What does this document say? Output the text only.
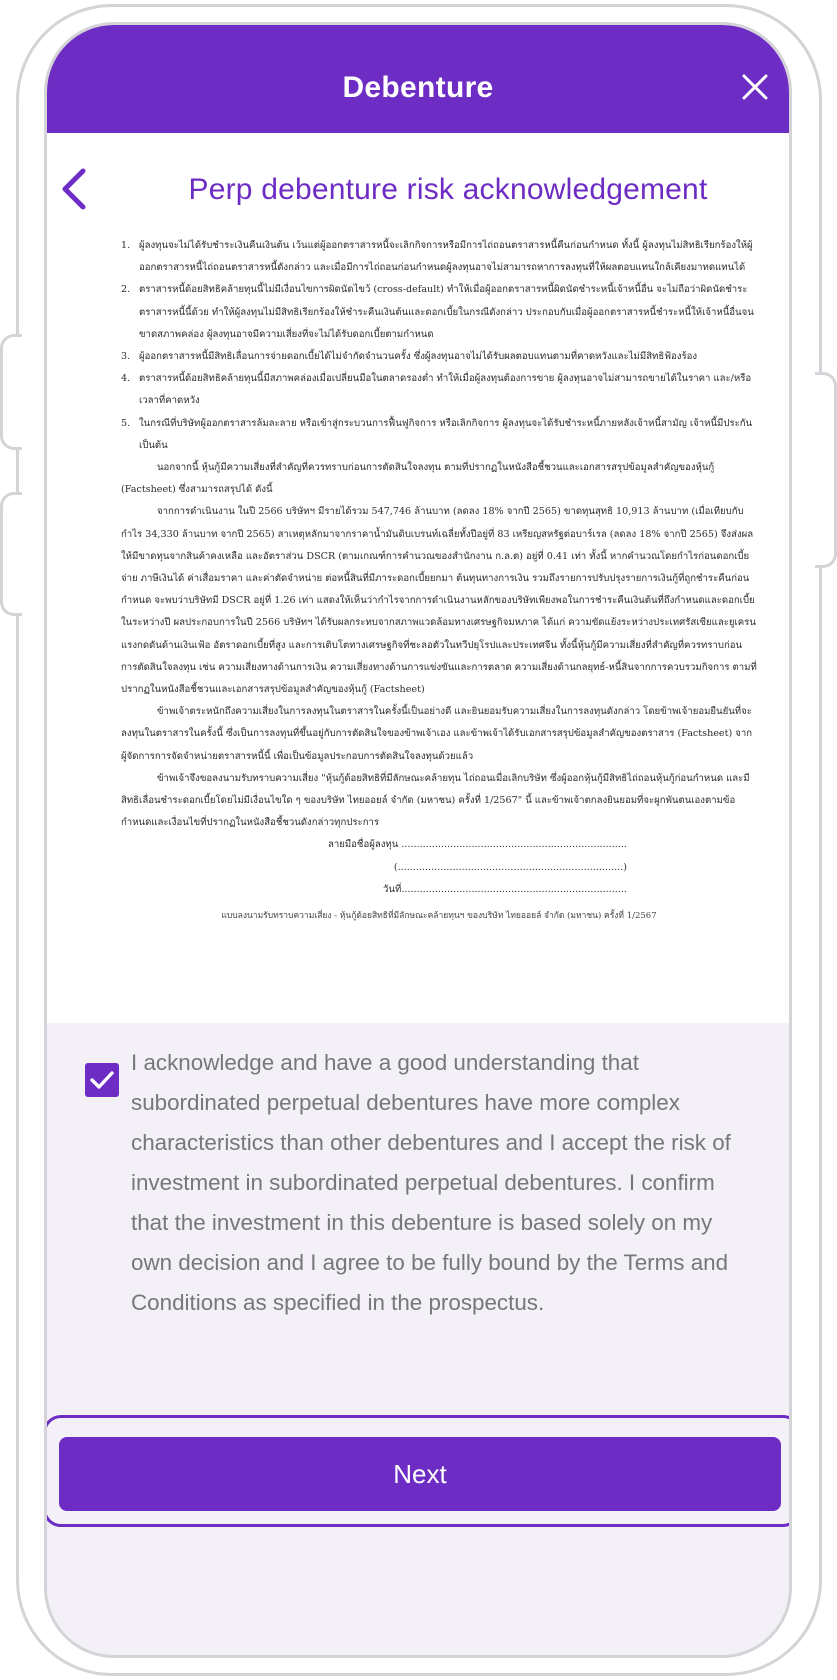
Debenture
Perp debenture risk acknowledgement
1. ผู้ลงทุนจะไม่ได้รับชำระเงินคืนเงินต้น เว้นแต่ผู้ออกตราสารหนี้จะเลิกกิจการหรือมีการไถ่ถอนตราสารหนี้คืนก่อนกำหนด ทั้งนี้ ผู้ลงทุนไม่สิทธิเรียกร้องให้ผู้ออกตราสารหนี้ไถ่ถอนตราสารหนี้ดังกล่าว และเมื่อมีการไถ่ถอนก่อนกำหนดผู้ลงทุนอาจไม่สามารถหาการลงทุนที่ให้ผลตอบแทนใกล้เคียงมาทดแทนได้
2. ตราสารหนี้ด้อยสิทธิคล้ายทุนนี้ไม่มีเงื่อนไขการผิดนัดไขว้ (cross-default) ทำให้เมื่อผู้ออกตราสารหนี้ผิดนัดชำระหนี้เจ้าหนี้อื่น จะไม่ถือว่าผิดนัดชำระตราสารหนี้นี้ด้วย ทำให้ผู้ลงทุนไม่มีสิทธิเรียกร้องให้ชำระคืนเงินต้นและดอกเบี้ยในกรณีดังกล่าว ประกอบกับเมื่อผู้ออกตราสารหนี้ชำระหนี้ให้เจ้าหนี้อื่นจนขาดสภาพคล่อง ผู้ลงทุนอาจมีความเสี่ยงที่จะไม่ได้รับดอกเบี้ยตามกำหนด
3. ผู้ออกตราสารหนี้มีสิทธิเลื่อนการจ่ายดอกเบี้ยได้ไม่จำกัดจำนวนครั้ง ซึ่งผู้ลงทุนอาจไม่ได้รับผลตอบแทนตามที่คาดหวังและไม่มีสิทธิฟ้องร้อง
4. ตราสารหนี้ด้อยสิทธิคล้ายทุนนี้มีสภาพคล่องเมื่อเปลี่ยนมือในตลาดรองต่ำ ทำให้เมื่อผู้ลงทุนต้องการขาย ผู้ลงทุนอาจไม่สามารถขายได้ในราคา และ/หรือ เวลาที่คาดหวัง
5. ในกรณีที่บริษัทผู้ออกตราสารล้มละลาย หรือเข้าสู่กระบวนการฟื้นฟูกิจการ หรือเลิกกิจการ ผู้ลงทุนจะได้รับชำระหนี้ภายหลังเจ้าหนี้สามัญ เจ้าหนี้มีประกัน เป็นต้น

นอกจากนี้ หุ้นกู้มีความเสี่ยงที่สำคัญที่ควรทราบก่อนการตัดสินใจลงทุน ตามที่ปรากฏในหนังสือชี้ชวนและเอกสารสรุปข้อมูลสำคัญของหุ้นกู้ (Factsheet) ซึ่งสามารถสรุปได้ ดังนี้

จากการดำเนินงาน ในปี 2566 บริษัทฯ มีรายได้รวม 547,746 ล้านบาท (ลดลง 18% จากปี 2565) ขาดทุนสุทธิ 10,913 ล้านบาท (เมื่อเทียบกับกำไร 34,330 ล้านบาท จากปี 2565) สาเหตุหลักมาจากราคาน้ำมันดิบเบรนท์เฉลี่ยทั้งปีอยู่ที่ 83 เหรียญสหรัฐต่อบาร์เรล (ลดลง 18% จากปี 2565) จึงส่งผลให้มีขาดทุนจากสินค้าคงเหลือ และอัตราส่วน DSCR (ตามเกณฑ์การคำนวณของสำนักงาน ก.ล.ต) อยู่ที่ 0.41 เท่า ทั้งนี้ หากคำนวณโดยกำไรก่อนดอกเบี้ยจ่าย ภาษีเงินได้ ค่าเสื่อมราคา และค่าตัดจำหน่าย ต่อหนี้สินที่มีภาระดอกเบี้ยยกมา ต้นทุนทางการเงิน รวมถึงรายการปรับปรุงรายการเงินกู้ที่ถูกชำระคืนก่อนกำหนด จะพบว่าบริษัทมี DSCR อยู่ที่ 1.26 เท่า แสดงให้เห็นว่ากำไรจากการดำเนินงานหลักของบริษัทเพียงพอในการชำระคืนเงินต้นที่ถึงกำหนดและดอกเบี้ยในระหว่างปี ผลประกอบการในปี 2566 บริษัทฯ ได้รับผลกระทบจากสภาพแวดล้อมทางเศรษฐกิจมหภาค ได้แก่ ความขัดแย้งระหว่างประเทศรัสเซียและยูเครน แรงกดดันด้านเงินเฟ้อ อัตราดอกเบี้ยที่สูง และการเติบโตทางเศรษฐกิจที่ชะลอตัวในทวีปยุโรปและประเทศจีน ทั้งนี้หุ้นกู้มีความเสี่ยงที่สำคัญที่ควรทราบก่อนการตัดสินใจลงทุน เช่น ความเสี่ยงทางด้านการเงิน ความเสี่ยงทางด้านการแข่งขันและการตลาด ความเสี่ยงด้านกลยุทธ์-หนี้สินจากการควบรวมกิจการ ตามที่ปรากฏในหนังสือชี้ชวนและเอกสารสรุปข้อมูลสำคัญของหุ้นกู้ (Factsheet)

ข้าพเจ้าตระหนักถึงความเสี่ยงในการลงทุนในตราสารในครั้งนี้เป็นอย่างดี และยินยอมรับความเสี่ยงในการลงทุนดังกล่าว โดยข้าพเจ้ายอมยืนยันที่จะลงทุนในตราสารในครั้งนี้ ซึ่งเป็นการลงทุนที่ขึ้นอยู่กับการตัดสินใจของข้าพเจ้าเอง และข้าพเจ้าได้รับเอกสารสรุปข้อมูลสำคัญของตราสาร (Factsheet) จากผู้จัดการการจัดจำหน่ายตราสารหนี้นี้ เพื่อเป็นข้อมูลประกอบการตัดสินใจลงทุนด้วยแล้ว

ข้าพเจ้าจึงขอลงนามรับทราบความเสี่ยง "หุ้นกู้ด้อยสิทธิที่มีลักษณะคล้ายทุน ไถ่ถอนเมื่อเลิกบริษัท ซึ่งผู้ออกหุ้นกู้มีสิทธิไถ่ถอนหุ้นกู้ก่อนกำหนด และมีสิทธิเลื่อนชำระดอกเบี้ยโดยไม่มีเงื่อนไขใด ๆ ของบริษัท ไทยออยล์ จำกัด (มหาชน) ครั้งที่ 1/2567" นี้ และข้าพเจ้าตกลงยินยอมที่จะผูกพันตนเองตามข้อกำหนดและเงื่อนไขที่ปรากฏในหนังสือชี้ชวนดังกล่าวทุกประการ

ลายมือชื่อผู้ลงทุน ..........................................................................

(..........................................................................)

วันที่..........................................................................

แบบลงนามรับทราบความเสี่ยง - หุ้นกู้ด้อยสิทธิที่มีลักษณะคล้ายทุนฯ ของบริษัท ไทยออยล์ จำกัด (มหาชน) ครั้งที่ 1/2567

I acknowledge and have a good understanding that subordinated perpetual debentures have more complex characteristics than other debentures and I accept the risk of investment in subordinated perpetual debentures. I confirm that the investment in this debenture is based solely on my own decision and I agree to be fully bound by the Terms and Conditions as specified in the prospectus.
Next
